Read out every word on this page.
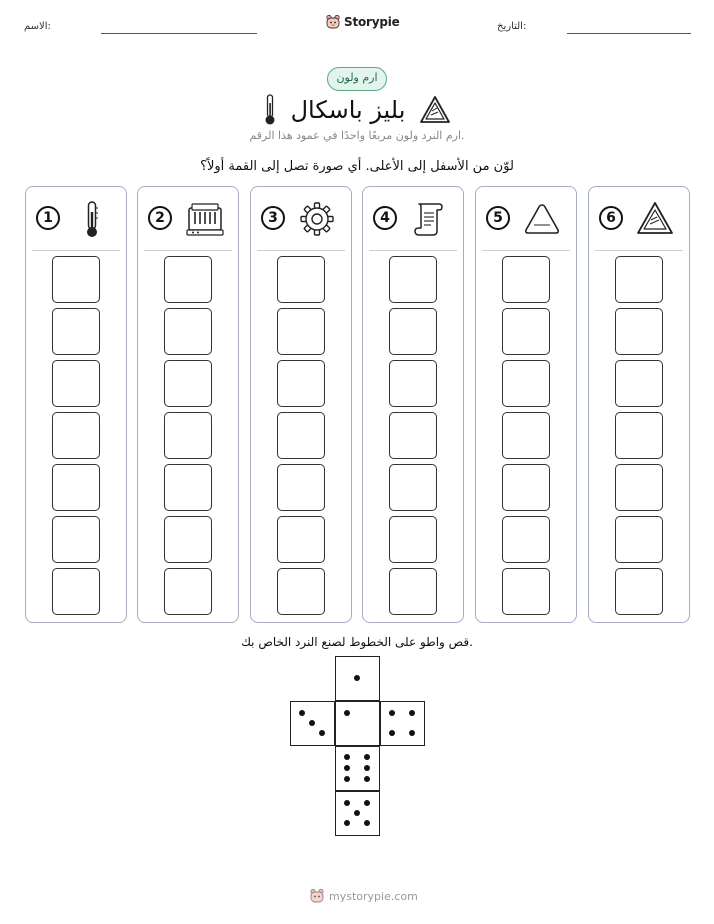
الاسم:	Storypie	التاريخ:
ارم ولون
بليز باسكال
ارم النرد ولون مربعًا واحدًا في عمود هذا الرقم.
لوّن من الأسفل إلى الأعلى. أي صورة تصل إلى القمة أولاً؟
1	2	3	4	5	6
قص واطو على الخطوط لصنع النرد الخاص بك.
mystorypie.com
